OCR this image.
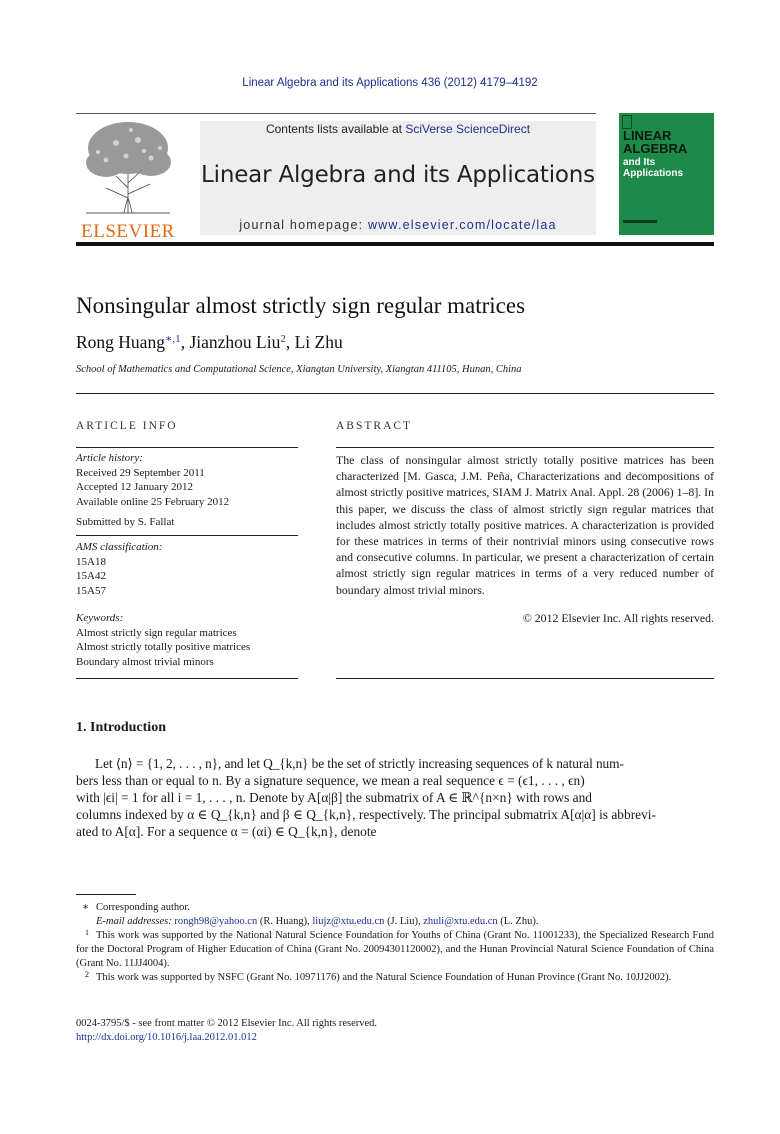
Linear Algebra and its Applications 436 (2012) 4179–4192
ELSEVIER
Contents lists available at SciVerse ScienceDirect
Linear Algebra and its Applications
journal homepage: www.elsevier.com/locate/laa
LINEAR
ALGEBRA
and Its
Applications
Nonsingular almost strictly sign regular matrices
Rong Huang$^{∗,1}$, Jianzhou Liu$^2$, Li Zhu
School of Mathematics and Computational Science, Xiangtan University, Xiangtan 411105, Hunan, China
ARTICLE INFO
Article history:
Received 29 September 2011
Accepted 12 January 2012
Available online 25 February 2012
Submitted by S. Fallat
AMS classification:
15A18
15A42
15A57
Keywords:
Almost strictly sign regular matrices
Almost strictly totally positive matrices
Boundary almost trivial minors
ABSTRACT
The class of nonsingular almost strictly totally positive matrices has been characterized [M. Gasca, J.M. Peña, Characterizations and decompositions of almost strictly positive matrices, SIAM J. Matrix Anal. Appl. 28 (2006) 1–8]. In this paper, we discuss the class of almost strictly sign regular matrices that includes almost strictly totally positive matrices. A characterization is provided for these matrices in terms of their nontrivial minors using consecutive rows and consecutive columns. In particular, we present a characterization of certain almost strictly sign regular matrices in terms of a very reduced number of boundary almost trivial minors.
© 2012 Elsevier Inc. All rights reserved.
1. Introduction
Let ⟨n⟩ = {1, 2, . . . , n}, and let Q_{k,n} be the set of strictly increasing sequences of k natural num-
bers less than or equal to n. By a signature sequence, we mean a real sequence ϵ = (ϵ1, . . . , ϵn)
with |ϵi| = 1 for all i = 1, . . . , n. Denote by A[α|β] the submatrix of A ∈ ℝ^{n×n} with rows and
columns indexed by α ∈ Q_{k,n} and β ∈ Q_{k,n}, respectively. The principal submatrix A[α|α] is abbrevi-
ated to A[α]. For a sequence α = (αi) ∈ Q_{k,n}, denote
∗ Corresponding author.
E-mail addresses: rongh98@yahoo.cn (R. Huang), liujz@xtu.edu.cn (J. Liu), zhuli@xtu.edu.cn (L. Zhu).
1 This work was supported by the National Natural Science Foundation for Youths of China (Grant No. 11001233), the Specialized Research Fund for the Doctoral Program of Higher Education of China (Grant No. 20094301120002), and the Hunan Provincial Natural Science Foundation of China (Grant No. 11JJ4004).
2 This work was supported by NSFC (Grant No. 10971176) and the Natural Science Foundation of Hunan Province (Grant No. 10JJ2002).
0024-3795/$ - see front matter © 2012 Elsevier Inc. All rights reserved.
http://dx.doi.org/10.1016/j.laa.2012.01.012
